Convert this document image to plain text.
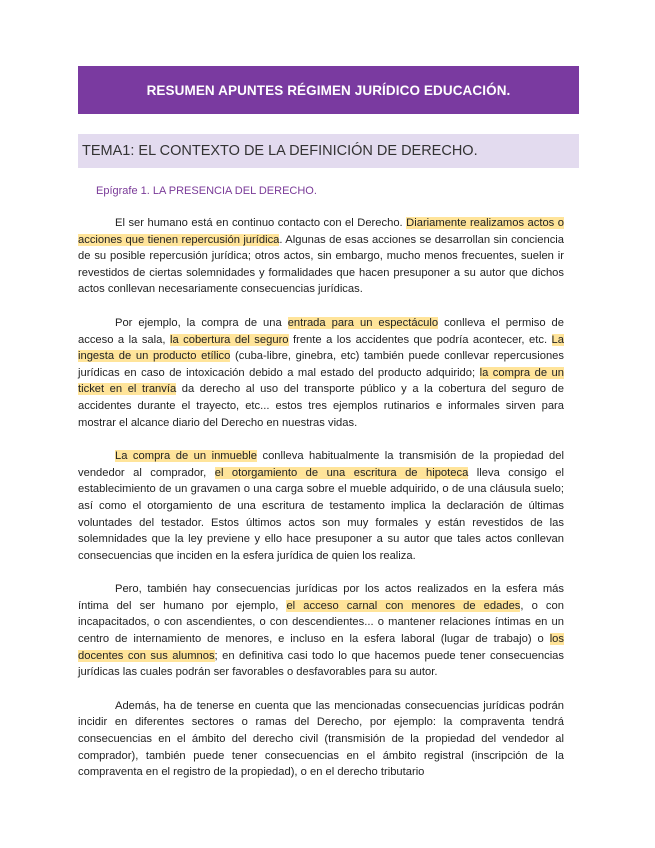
RESUMEN APUNTES RÉGIMEN JURÍDICO EDUCACIÓN.
TEMA1: EL CONTEXTO DE LA DEFINICIÓN DE DERECHO.
Epígrafe 1. LA PRESENCIA DEL DERECHO.

El ser humano está en continuo contacto con el Derecho. Diariamente realizamos actos o acciones que tienen repercusión jurídica. Algunas de esas acciones se desarrollan sin conciencia de su posible repercusión jurídica; otros actos, sin embargo, mucho menos frecuentes, suelen ir revestidos de ciertas solemnidades y formalidades que hacen presuponer a su autor que dichos actos conllevan necesariamente consecuencias jurídicas.

Por ejemplo, la compra de una entrada para un espectáculo conlleva el permiso de acceso a la sala, la cobertura del seguro frente a los accidentes que podría acontecer, etc. La ingesta de un producto etílico (cuba-libre, ginebra, etc) también puede conllevar repercusiones jurídicas en caso de intoxicación debido a mal estado del producto adquirido; la compra de un ticket en el tranvía da derecho al uso del transporte público y a la cobertura del seguro de accidentes durante el trayecto, etc... estos tres ejemplos rutinarios e informales sirven para mostrar el alcance diario del Derecho en nuestras vidas.

La compra de un inmueble conlleva habitualmente la transmisión de la propiedad del vendedor al comprador, el otorgamiento de una escritura de hipoteca lleva consigo el establecimiento de un gravamen o una carga sobre el mueble adquirido, o de una cláusula suelo; así como el otorgamiento de una escritura de testamento implica la declaración de últimas voluntades del testador. Estos últimos actos son muy formales y están revestidos de las solemnidades que la ley previene y ello hace presuponer a su autor que tales actos conllevan consecuencias que inciden en la esfera jurídica de quien los realiza.

Pero, también hay consecuencias jurídicas por los actos realizados en la esfera más íntima del ser humano por ejemplo, el acceso carnal con menores de edades, o con incapacitados, o con ascendientes, o con descendientes... o mantener relaciones íntimas en un centro de internamiento de menores, e incluso en la esfera laboral (lugar de trabajo) o los docentes con sus alumnos; en definitiva casi todo lo que hacemos puede tener consecuencias jurídicas las cuales podrán ser favorables o desfavorables para su autor.

Además, ha de tenerse en cuenta que las mencionadas consecuencias jurídicas podrán incidir en diferentes sectores o ramas del Derecho, por ejemplo: la compraventa tendrá consecuencias en el ámbito del derecho civil (transmisión de la propiedad del vendedor al comprador), también puede tener consecuencias en el ámbito registral (inscripción de la compraventa en el registro de la propiedad), o en el derecho tributario
